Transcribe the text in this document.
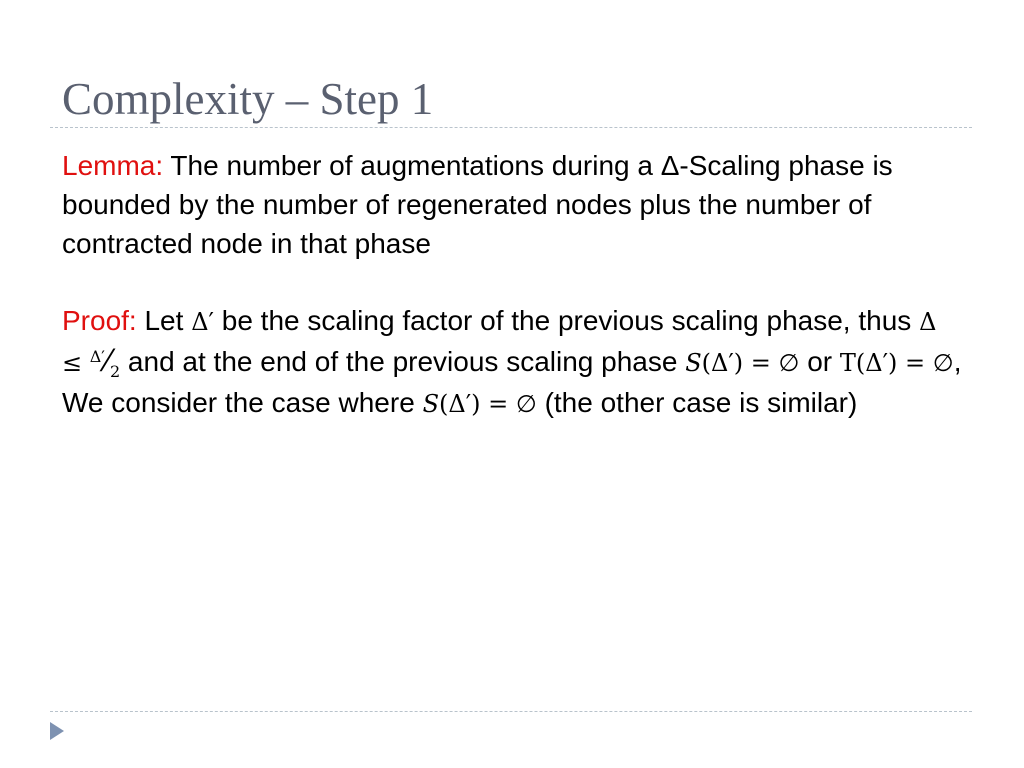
Complexity – Step 1

Lemma: The number of augmentations during a Δ-Scaling phase is bounded by the number of regenerated nodes plus the number of contracted node in that phase

Proof: Let Δ′ be the scaling factor of the previous scaling phase, thus $\Delta \le ^{\Delta'}⁄_2$ and at the end of the previous scaling phase S(Δ′) = ∅ or T(Δ′) = ∅, We consider the case where S(Δ′) = ∅ (the other case is similar)
